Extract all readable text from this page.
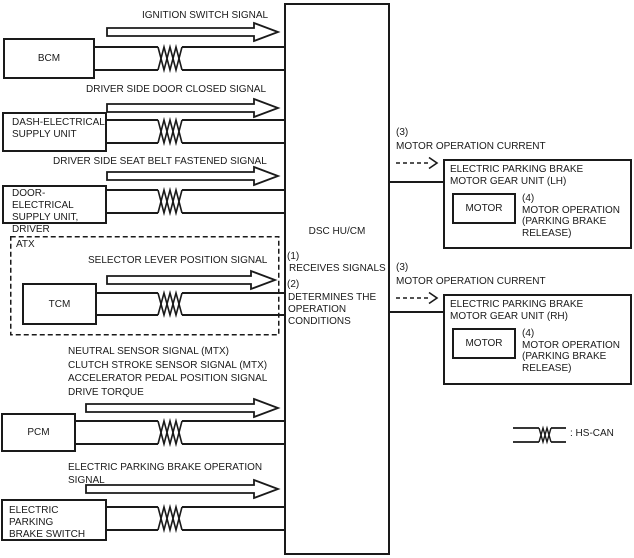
BCM
DASH-ELECTRICAL
SUPPLY UNIT
DOOR-ELECTRICAL
SUPPLY UNIT,
DRIVER
ATX
TCM
PCM
ELECTRIC PARKING
BRAKE SWITCH
DSC HU/CM
(1)
RECEIVES SIGNALS
(2)
DETERMINES THE
OPERATION
CONDITIONS
IGNITION SWITCH SIGNAL
DRIVER SIDE DOOR CLOSED SIGNAL
DRIVER SIDE SEAT BELT FASTENED SIGNAL
SELECTOR LEVER POSITION SIGNAL
NEUTRAL SENSOR SIGNAL (MTX)
CLUTCH STROKE SENSOR SIGNAL (MTX)
ACCELERATOR PEDAL POSITION SIGNAL
DRIVE TORQUE
ELECTRIC PARKING BRAKE OPERATION
SIGNAL
(3)
MOTOR OPERATION CURRENT
ELECTRIC PARKING BRAKE
MOTOR GEAR UNIT (LH)
MOTOR
(4)
MOTOR OPERATION
(PARKING BRAKE
RELEASE)
(3)
MOTOR OPERATION CURRENT
ELECTRIC PARKING BRAKE
MOTOR GEAR UNIT (RH)
MOTOR
(4)
MOTOR OPERATION
(PARKING BRAKE
RELEASE)
: HS-CAN
